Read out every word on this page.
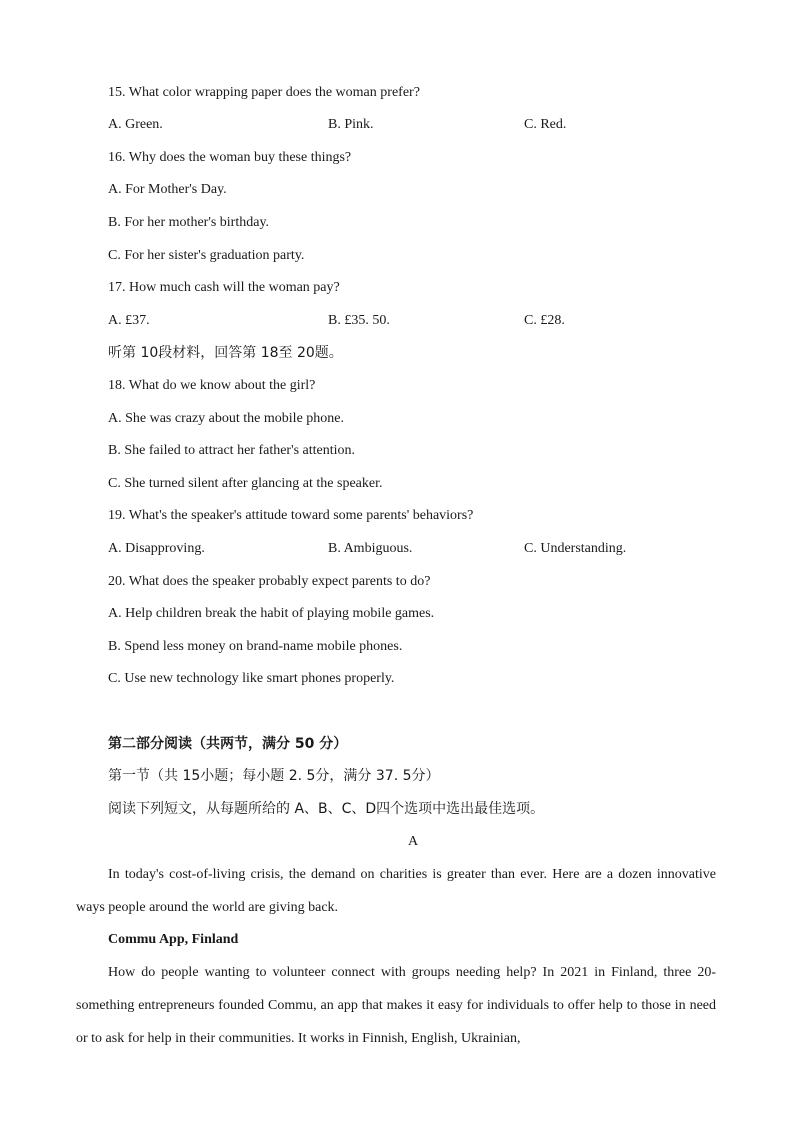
15. What color wrapping paper does the woman prefer?
A. Green.	B. Pink.	C. Red.
16. Why does the woman buy these things?
A. For Mother's Day.
B. For her mother's birthday.
C. For her sister's graduation party.
17. How much cash will the woman pay?
A. £37.	B. £35. 50.	C. £28.
听第 10段材料，回答第 18至 20题。
18. What do we know about the girl?
A. She was crazy about the mobile phone.
B. She failed to attract her father's attention.
C. She turned silent after glancing at the speaker.
19. What's the speaker's attitude toward some parents' behaviors?
A. Disapproving.	B. Ambiguous.	C. Understanding.
20. What does the speaker probably expect parents to do?
A. Help children break the habit of playing mobile games.
B. Spend less money on brand-name mobile phones.
C. Use new technology like smart phones properly.
第二部分阅读（共两节，满分 50 分）
第一节（共 15小题；每小题 2. 5分，满分 37. 5分）
阅读下列短文，从每题所给的 A、B、C、D四个选项中选出最佳选项。
A
In today's cost-of-living crisis, the demand on charities is greater than ever. Here are a dozen innovative ways people around the world are giving back.
Commu App, Finland
How do people wanting to volunteer connect with groups needing help? In 2021 in Finland, three 20-something entrepreneurs founded Commu, an app that makes it easy for individuals to offer help to those in need or to ask for help in their communities. It works in Finnish, English, Ukrainian,
